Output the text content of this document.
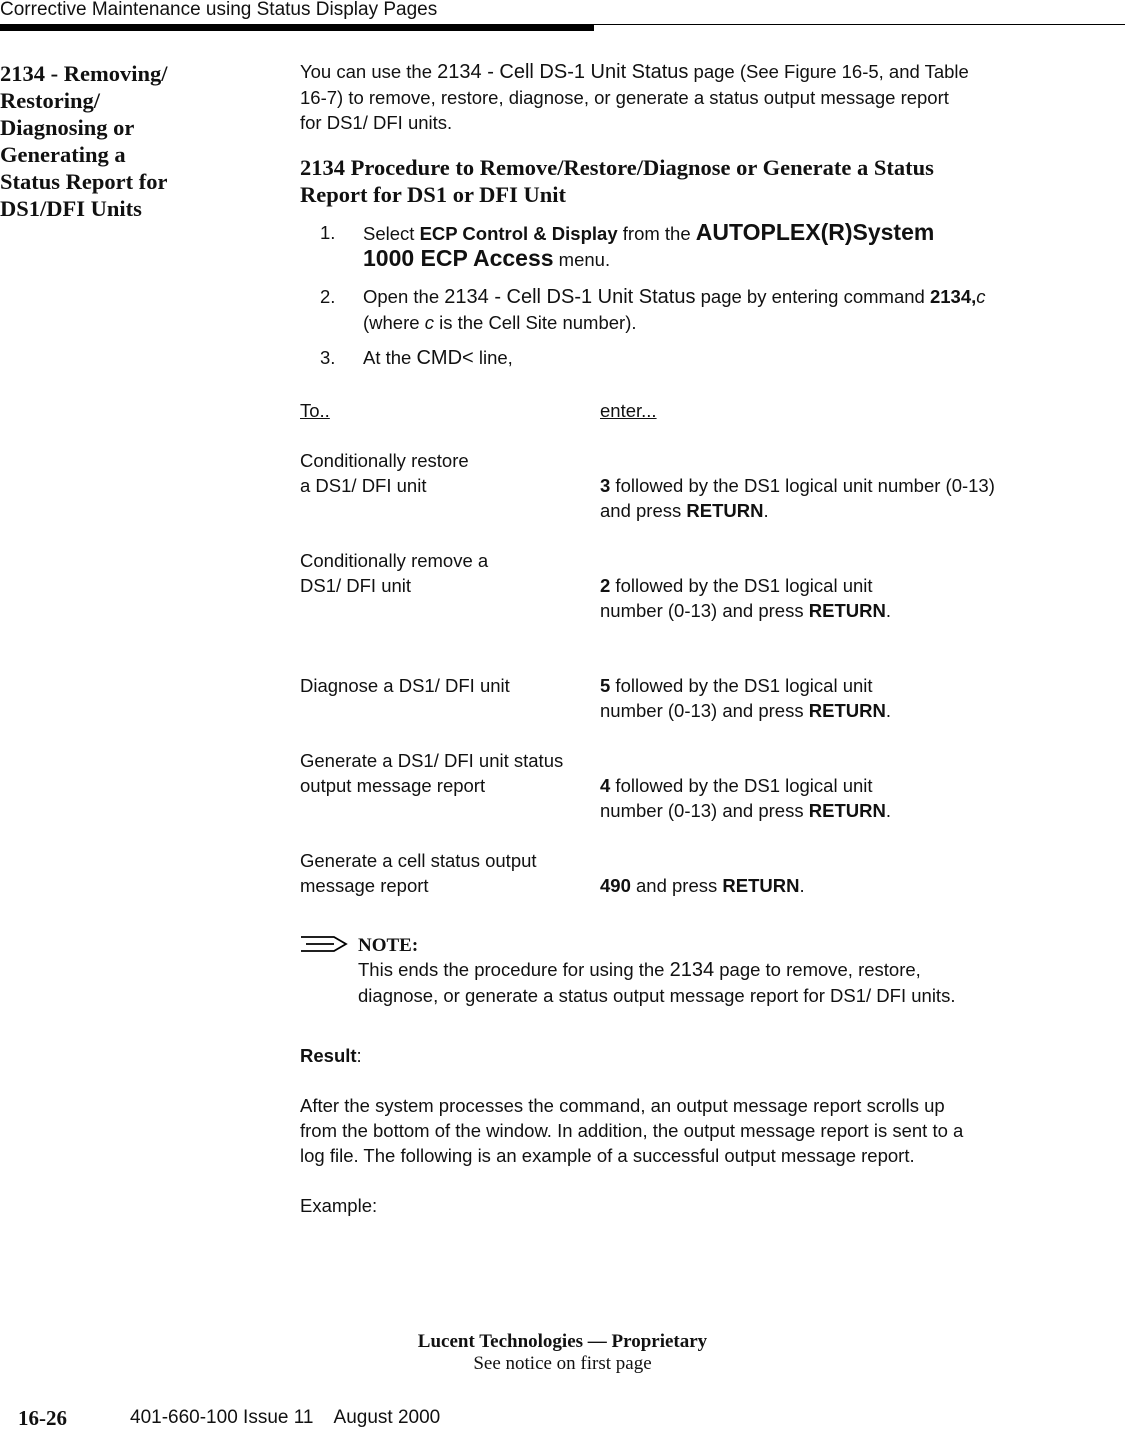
Corrective Maintenance using Status Display Pages
2134 - Removing/
Restoring/
Diagnosing or
Generating a
Status Report for
DS1/DFI Units
You can use the 2134 - Cell DS-1 Unit Status page (See Figure 16-5, and Table
16-7) to remove, restore, diagnose, or generate a status output message report
for DS1/ DFI units.
2134 Procedure to Remove/Restore/Diagnose or Generate a Status
Report for DS1 or DFI Unit
1.	Select ECP Control & Display from the AUTOPLEX(R)System
1000 ECP Access menu.
2.	Open the 2134 - Cell DS-1 Unit Status page by entering command 2134,c
(where c is the Cell Site number).
3.	At the CMD< line,
To..	enter...
Conditionally restore
a DS1/ DFI unit	3 followed by the DS1 logical unit number (0-13)
and press RETURN.
Conditionally remove a
DS1/ DFI unit	2 followed by the DS1 logical unit
number (0-13) and press RETURN.
Diagnose a DS1/ DFI unit	5 followed by the DS1 logical unit
number (0-13) and press RETURN.
Generate a DS1/ DFI unit status
output message report	4 followed by the DS1 logical unit
number (0-13) and press RETURN.
Generate a cell status output
message report	490 and press RETURN.
NOTE:
This ends the procedure for using the 2134 page to remove, restore,
diagnose, or generate a status output message report for DS1/ DFI units.
Result:
After the system processes the command, an output message report scrolls up
from the bottom of the window. In addition, the output message report is sent to a
log file. The following is an example of a successful output message report.
Example:
Lucent Technologies — Proprietary
See notice on first page
16-26	401-660-100 Issue 11    August 2000
